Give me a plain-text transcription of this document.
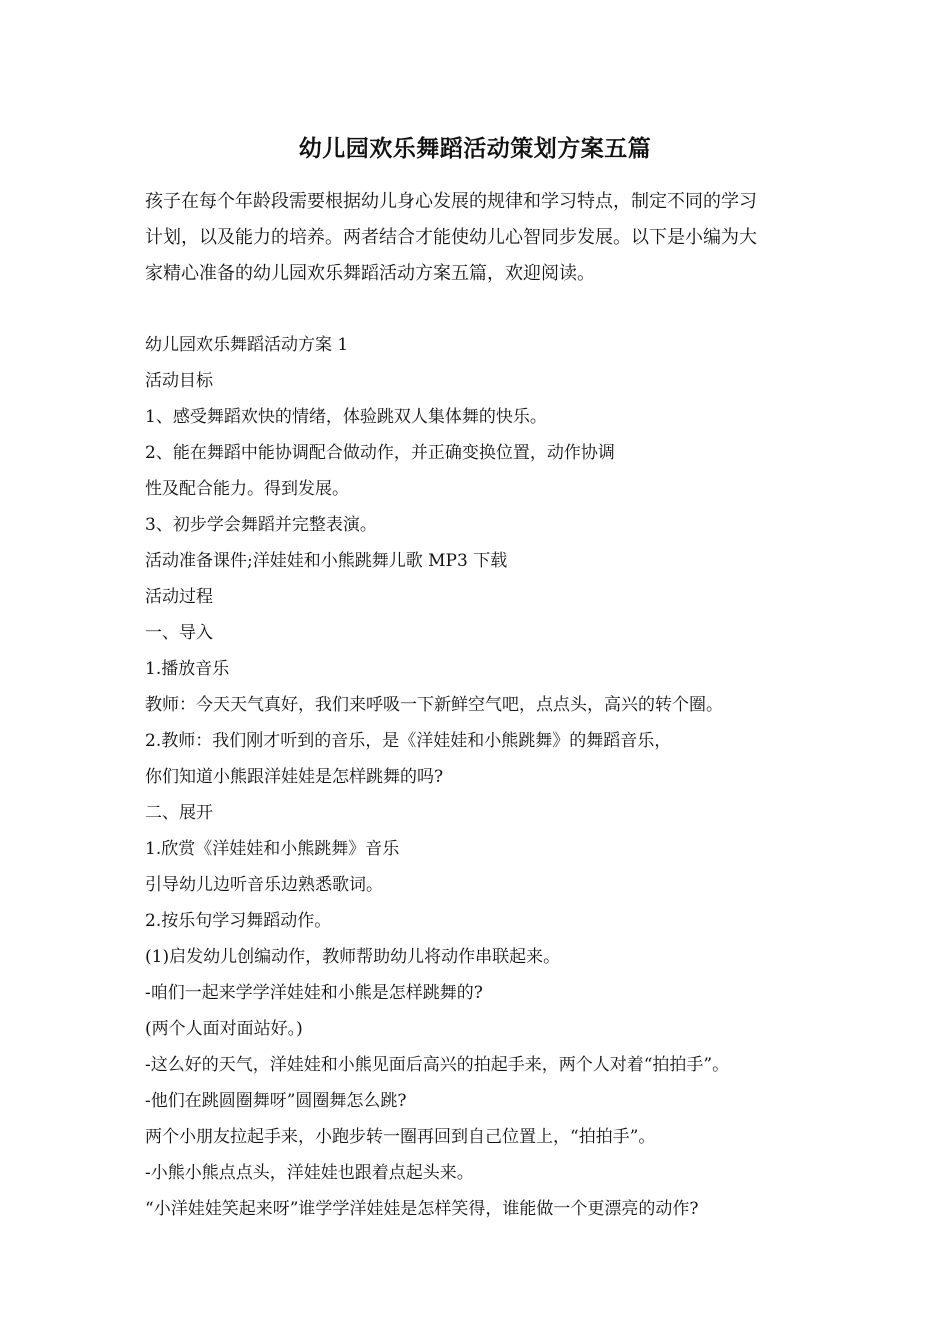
幼儿园欢乐舞蹈活动策划方案五篇
孩子在每个年龄段需要根据幼儿身心发展的规律和学习特点，制定不同的学习
计划，以及能力的培养。两者结合才能使幼儿心智同步发展。以下是小编为大
家精心准备的幼儿园欢乐舞蹈活动方案五篇，欢迎阅读。
幼儿园欢乐舞蹈活动方案 1
活动目标
1、感受舞蹈欢快的情绪，体验跳双人集体舞的快乐。
2、能在舞蹈中能协调配合做动作，并正确变换位置，动作协调
性及配合能力。得到发展。
3、初步学会舞蹈并完整表演。
活动准备课件;洋娃娃和小熊跳舞儿歌 MP3 下载
活动过程
一、导入
1.播放音乐
教师：今天天气真好，我们来呼吸一下新鲜空气吧，点点头，高兴的转个圈。
2.教师：我们刚才听到的音乐，是《洋娃娃和小熊跳舞》的舞蹈音乐，
你们知道小熊跟洋娃娃是怎样跳舞的吗?
二、展开
1.欣赏《洋娃娃和小熊跳舞》音乐
引导幼儿边听音乐边熟悉歌词。
2.按乐句学习舞蹈动作。
(1)启发幼儿创编动作，教师帮助幼儿将动作串联起来。
-咱们一起来学学洋娃娃和小熊是怎样跳舞的?
(两个人面对面站好。)
-这么好的天气，洋娃娃和小熊见面后高兴的拍起手来，两个人对着“拍拍手”。
-他们在跳圆圈舞呀”圆圈舞怎么跳?
两个小朋友拉起手来，小跑步转一圈再回到自己位置上，“拍拍手”。
-小熊小熊点点头，洋娃娃也跟着点起头来。
“小洋娃娃笑起来呀”谁学学洋娃娃是怎样笑得，谁能做一个更漂亮的动作?
